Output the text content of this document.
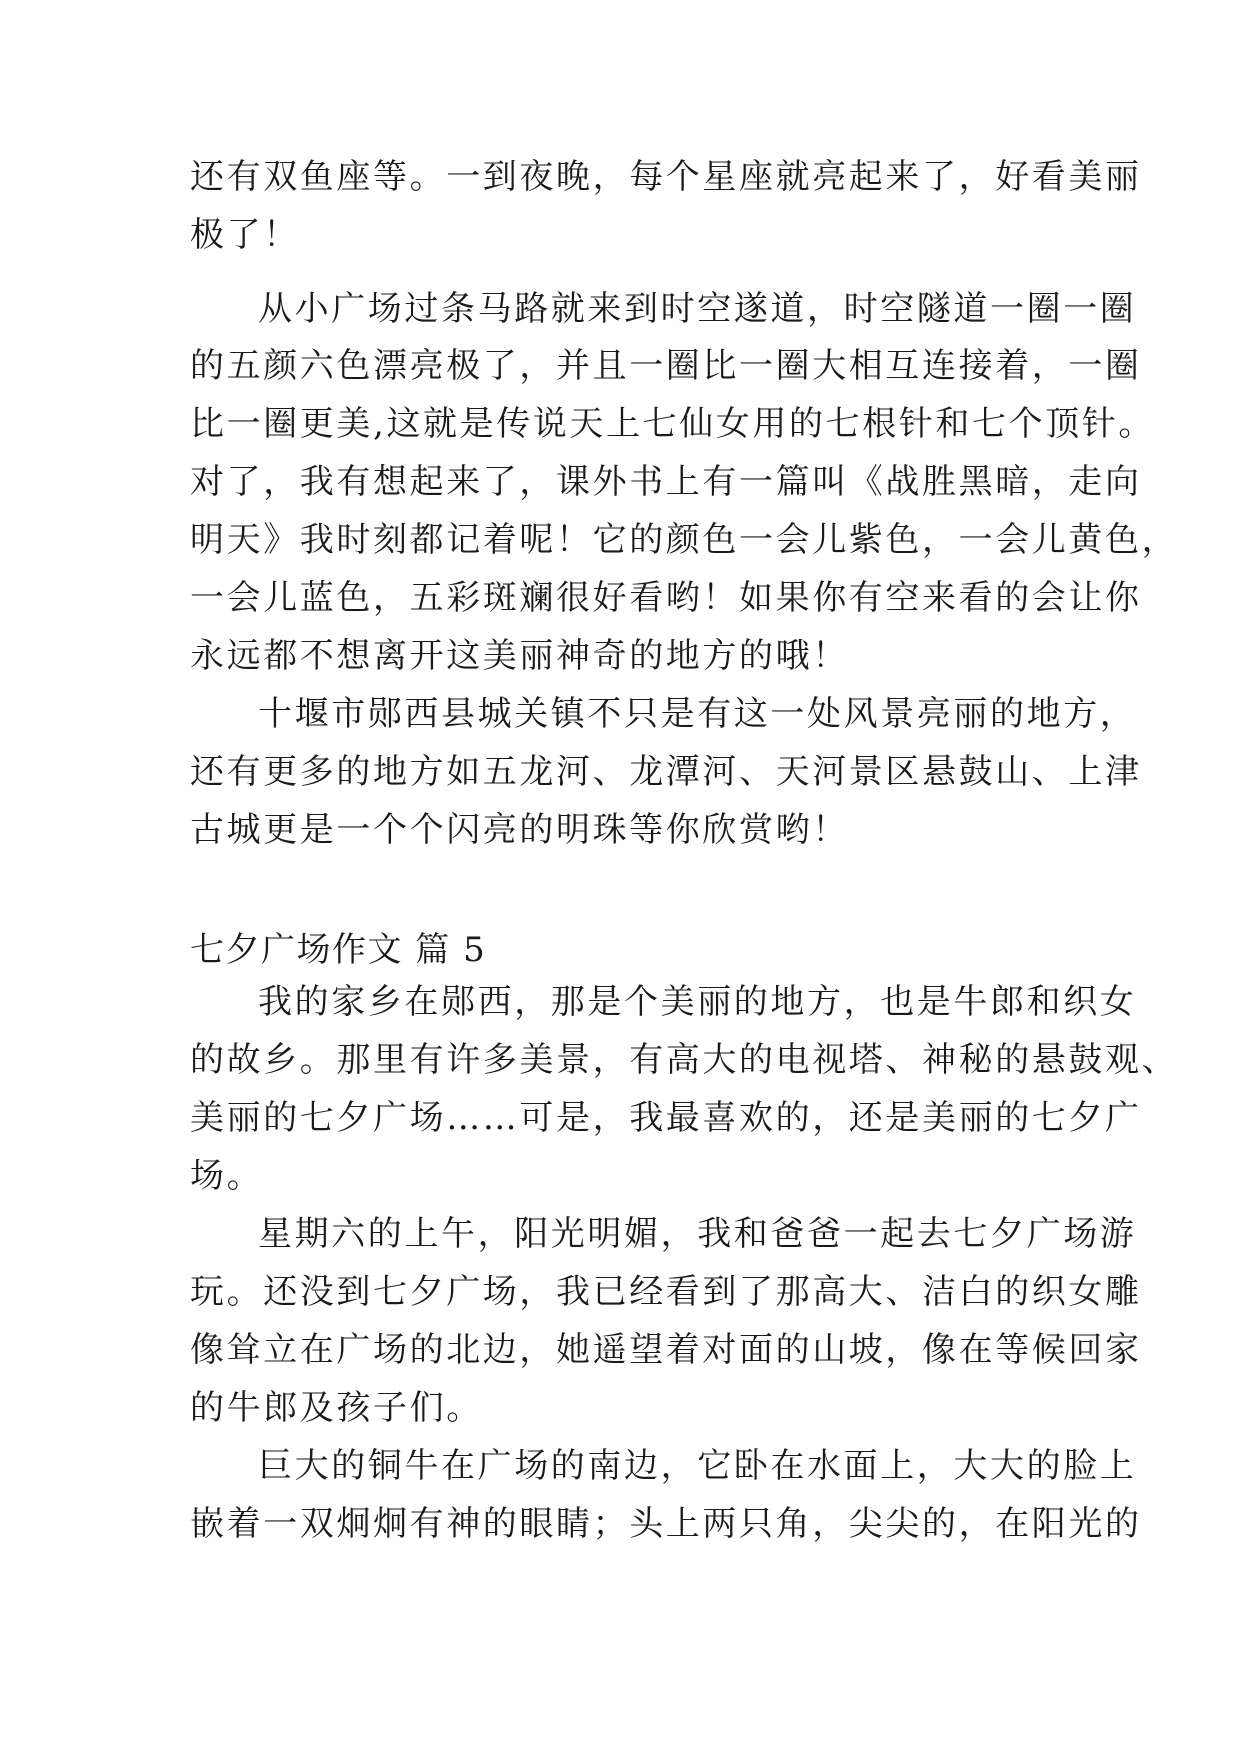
还有双鱼座等。一到夜晚，每个星座就亮起来了，好看美丽
极了！
从小广场过条马路就来到时空遂道，时空隧道一圈一圈
的五颜六色漂亮极了，并且一圈比一圈大相互连接着，一圈
比一圈更美,这就是传说天上七仙女用的七根针和七个顶针。
对了，我有想起来了，课外书上有一篇叫《战胜黑暗，走向
明天》我时刻都记着呢！它的颜色一会儿紫色，一会儿黄色，
一会儿蓝色，五彩斑斓很好看哟！如果你有空来看的会让你
永远都不想离开这美丽神奇的地方的哦！
十堰市郧西县城关镇不只是有这一处风景亮丽的地方，
还有更多的地方如五龙河、龙潭河、天河景区悬鼓山、上津
古城更是一个个闪亮的明珠等你欣赏哟！
七夕广场作文 篇 5
我的家乡在郧西，那是个美丽的地方，也是牛郎和织女
的故乡。那里有许多美景，有高大的电视塔、神秘的悬鼓观、
美丽的七夕广场……可是，我最喜欢的，还是美丽的七夕广
场。
星期六的上午，阳光明媚，我和爸爸一起去七夕广场游
玩。还没到七夕广场，我已经看到了那高大、洁白的织女雕
像耸立在广场的北边，她遥望着对面的山坡，像在等候回家
的牛郎及孩子们。
巨大的铜牛在广场的南边，它卧在水面上，大大的脸上
嵌着一双炯炯有神的眼睛；头上两只角，尖尖的，在阳光的
